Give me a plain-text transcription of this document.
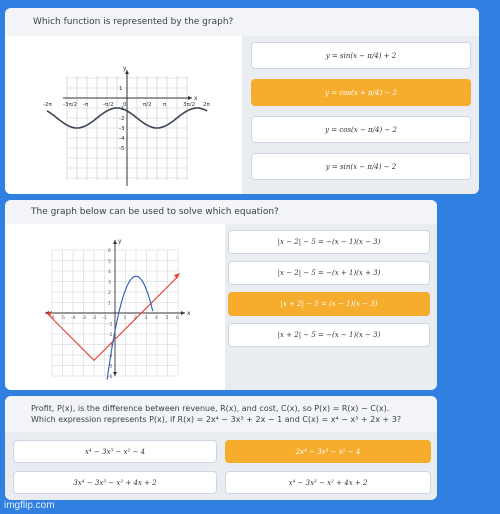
Which function is represented by the graph?
x
y
-2π -3π/2 -π	-π/2 0	π/2 π	3π/2 2π
1
-1
-2
-3
-4
-5
y = sin(x − π/4) + 2
y = cos(x + π/4) − 2
y = cos(x − π/4) − 2
y = sin(x − π/4) − 2
The graph below can be used to solve which equation?
x
y
-6 -5 -4 -3 -2 -1	1 2 3 4 5 6
6
5
4
3
2
1
-1
-2
-3
-4
-5
-6
|x − 2| − 5 = −(x − 1)(x − 3)
|x − 2| − 5 = −(x + 1)(x + 3)
|x + 2| − 5 = (x − 1)(x − 3)
|x + 2| − 5 = −(x − 1)(x − 3)
Profit, P(x), is the difference between revenue, R(x), and cost, C(x), so P(x) = R(x) − C(x).
Which expression represents P(x), if R(x) = 2x⁴ − 3x³ + 2x − 1 and C(x) = x⁴ − x³ + 2x + 3?
x⁴ − 3x³ − x² − 4	2x⁴ − 3x³ − x² − 4
3x⁴ − 3x³ − x² + 4x + 2	x⁴ − 3x³ − x² + 4x + 2
imgflip.com
